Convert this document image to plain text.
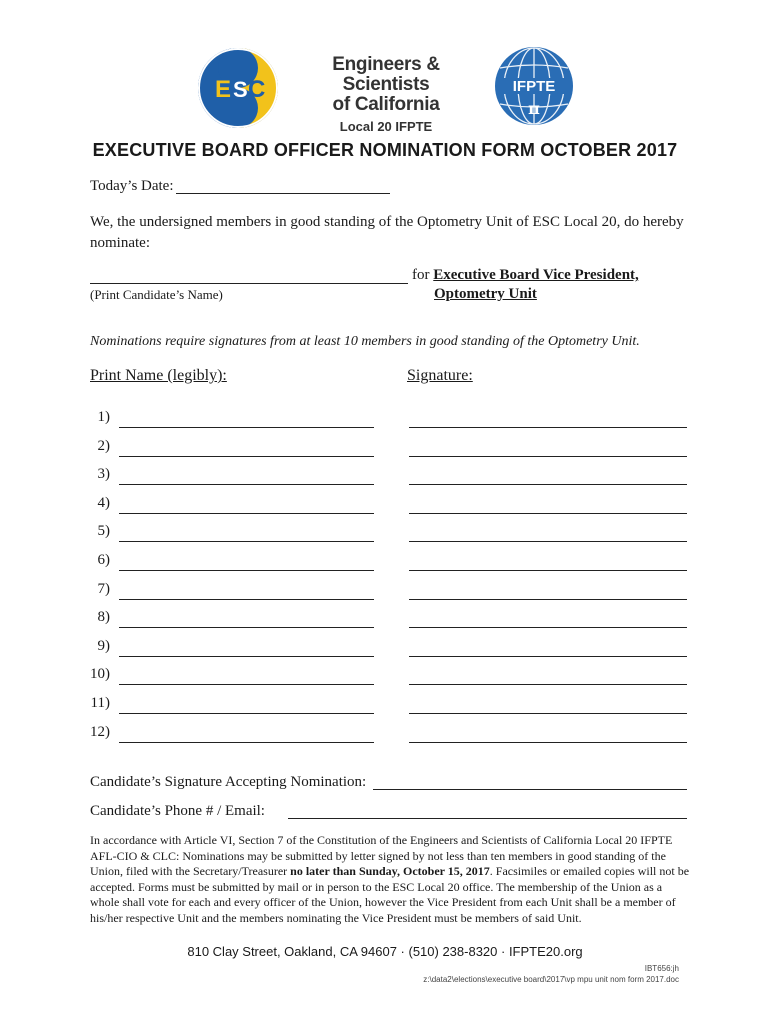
E S C
Engineers & Scientists
of California
Local 20 IFPTE
IFPTE
π
EXECUTIVE BOARD OFFICER NOMINATION FORM OCTOBER 2017
Today’s Date:
We, the undersigned members in good standing of the Optometry Unit of ESC Local 20, do hereby nominate:
for Executive Board Vice President,
Optometry Unit
(Print Candidate’s Name)
Nominations require signatures from at least 10 members in good standing of the Optometry Unit.
Print Name (legibly):	Signature:
1)
2)
3)
4)
5)
6)
7)
8)
9)
10)
11)
12)
Candidate’s Signature Accepting Nomination:
Candidate’s Phone # / Email:
In accordance with Article VI, Section 7 of the Constitution of the Engineers and Scientists of California Local 20 IFPTE AFL-CIO & CLC: Nominations may be submitted by letter signed by not less than ten members in good standing of the Union, filed with the Secretary/Treasurer no later than Sunday, October 15, 2017. Facsimiles or emailed copies will not be accepted. Forms must be submitted by mail or in person to the ESC Local 20 office. The membership of the Union as a whole shall vote for each and every officer of the Union, however the Vice President from each Unit shall be a member of his/her respective Unit and the members nominating the Vice President must be members of said Unit.
810 Clay Street, Oakland, CA 94607 · (510) 238-8320 · IFPTE20.org
IBT656:jh
z:\data2\elections\executive board\2017\vp mpu unit nom form 2017.doc
